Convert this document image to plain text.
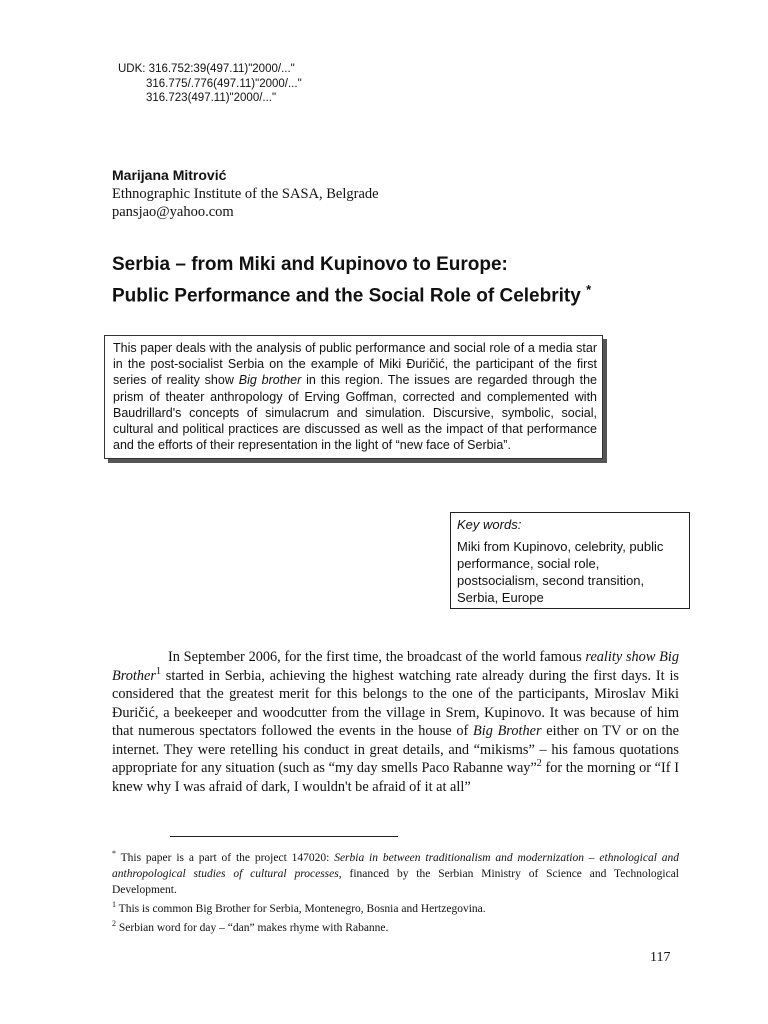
UDK: 316.752:39(497.11)"2000/..."
316.775/.776(497.11)"2000/..."
316.723(497.11)"2000/..."
Marijana Mitrović
Ethnographic Institute of the SASA, Belgrade
pansjao@yahoo.com
Serbia – from Miki and Kupinovo to Europe:
Public Performance and the Social Role of Celebrity *
This paper deals with the analysis of public performance and social role of a media star in the post-socialist Serbia on the example of Miki Đuričić, the participant of the first series of reality show Big brother in this region. The issues are regarded through the prism of theater anthropology of Erving Goffman, corrected and complemented with Baudrillard's concepts of simulacrum and simulation. Discursive, symbolic, social, cultural and political practices are discussed as well as the impact of that performance and the efforts of their representation in the light of “new face of Serbia”.
Key words:
Miki from Kupinovo, celebrity, public performance, social role, postsocialism, second transition, Serbia, Europe

In September 2006, for the first time, the broadcast of the world famous reality show Big Brother$^1$ started in Serbia, achieving the highest watching rate already during the first days. It is considered that the greatest merit for this belongs to the one of the participants, Miroslav Miki Đuričić, a beekeeper and woodcutter from the village in Srem, Kupinovo. It was because of him that numerous spectators followed the events in the house of Big Brother either on TV or on the internet. They were retelling his conduct in great details, and “mikisms” – his famous quotations appropriate for any situation (such as “my day smells Paco Rabanne way”$^2$ for the morning or “If I knew why I was afraid of dark, I wouldn't be afraid of it at all”

* This paper is a part of the project 147020: Serbia in between traditionalism and modernization – ethnological and anthropological studies of cultural processes, financed by the Serbian Ministry of Science and Technological Development.

$^1$ This is common Big Brother for Serbia, Montenegro, Bosnia and Hertzegovina.

$^2$ Serbian word for day – “dan” makes rhyme with Rabanne.

117
